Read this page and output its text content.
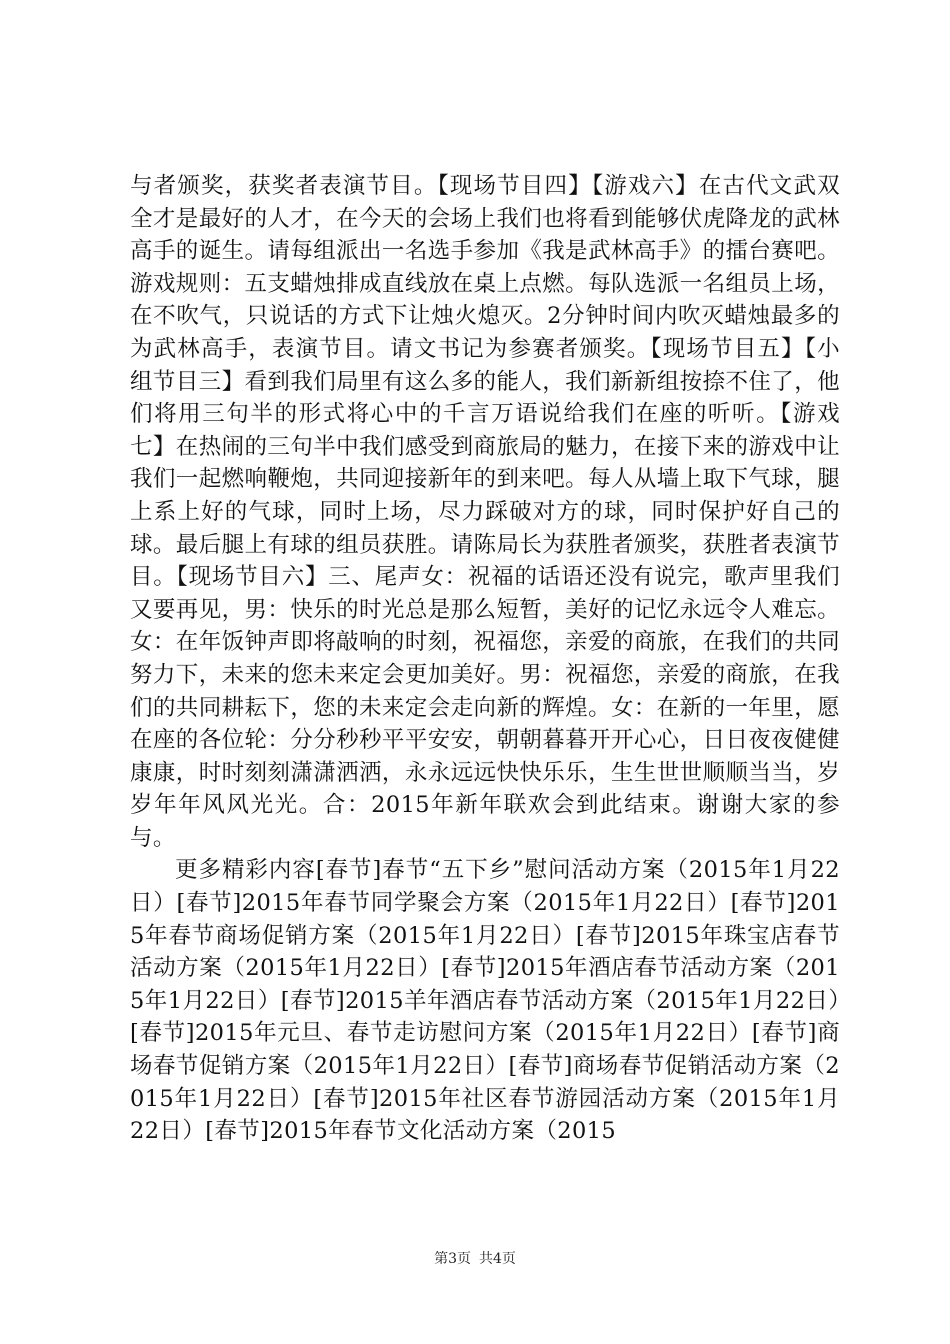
与者颁奖，获奖者表演节目。【现场节目四】【游戏六】在古代文武双全才是最好的人才，在今天的会场上我们也将看到能够伏虎降龙的武林高手的诞生。请每组派出一名选手参加《我是武林高手》的擂台赛吧。游戏规则：五支蜡烛排成直线放在桌上点燃。每队选派一名组员上场，在不吹气，只说话的方式下让烛火熄灭。2分钟时间内吹灭蜡烛最多的为武林高手，表演节目。请文书记为参赛者颁奖。【现场节目五】【小组节目三】看到我们局里有这么多的能人，我们新新组按捺不住了，他们将用三句半的形式将心中的千言万语说给我们在座的听听。【游戏七】在热闹的三句半中我们感受到商旅局的魅力，在接下来的游戏中让我们一起燃响鞭炮，共同迎接新年的到来吧。每人从墙上取下气球，腿上系上好的气球，同时上场，尽力踩破对方的球，同时保护好自己的球。最后腿上有球的组员获胜。请陈局长为获胜者颁奖，获胜者表演节目。【现场节目六】三、尾声女：祝福的话语还没有说完，歌声里我们又要再见，男：快乐的时光总是那么短暂，美好的记忆永远令人难忘。女：在年饭钟声即将敲响的时刻，祝福您，亲爱的商旅，在我们的共同努力下，未来的您未来定会更加美好。男：祝福您，亲爱的商旅，在我们的共同耕耘下，您的未来定会走向新的辉煌。女：在新的一年里，愿在座的各位轮：分分秒秒平平安安，朝朝暮暮开开心心，日日夜夜健健康康，时时刻刻潇潇洒洒，永永远远快快乐乐，生生世世顺顺当当，岁岁年年风风光光。合：2015年新年联欢会到此结束。谢谢大家的参与。

更多精彩内容[春节]春节“五下乡”慰问活动方案（2015年1月22日）[春节]2015年春节同学聚会方案（2015年1月22日）[春节]2015年春节商场促销方案（2015年1月22日）[春节]2015年珠宝店春节活动方案（2015年1月22日）[春节]2015年酒店春节活动方案（2015年1月22日）[春节]2015羊年酒店春节活动方案（2015年1月22日）[春节]2015年元旦、春节走访慰问方案（2015年1月22日）[春节]商场春节促销方案（2015年1月22日）[春节]商场春节促销活动方案（2015年1月22日）[春节]2015年社区春节游园活动方案（2015年1月22日）[春节]2015年春节文化活动方案（2015

第3页 共4页
